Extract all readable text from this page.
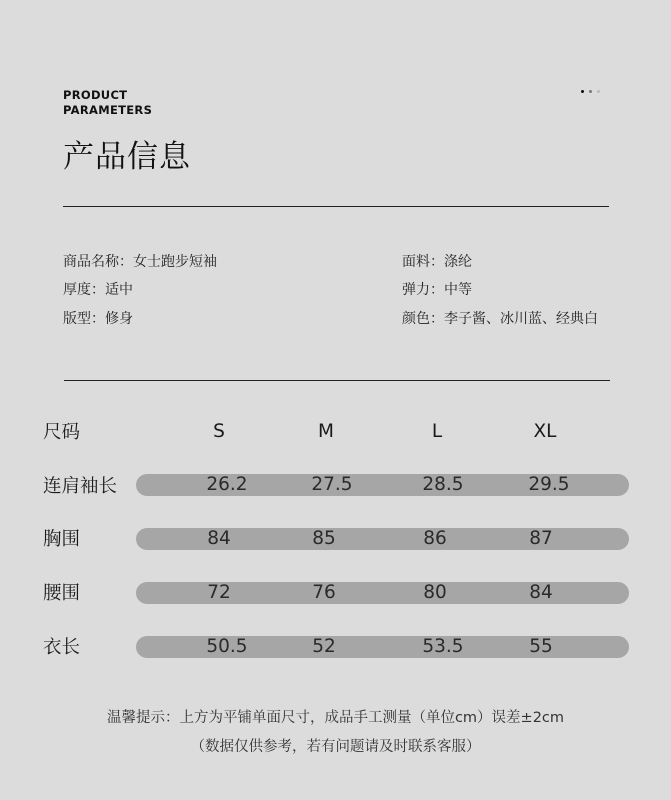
PRODUCT
PARAMETERS
产品信息
商品名称：女士跑步短袖
厚度：适中
版型：修身
面料：涤纶
弹力：中等
颜色：李子酱、冰川蓝、经典白
尺码	S	M	L	XL
连肩袖长	26.2	27.5	28.5	29.5
胸围	84	85	86	87
腰围	72	76	80	84
衣长	50.5	52	53.5	55
温馨提示：上方为平铺单面尺寸，成品手工测量（单位cm）误差±2cm
（数据仅供参考，若有问题请及时联系客服）
